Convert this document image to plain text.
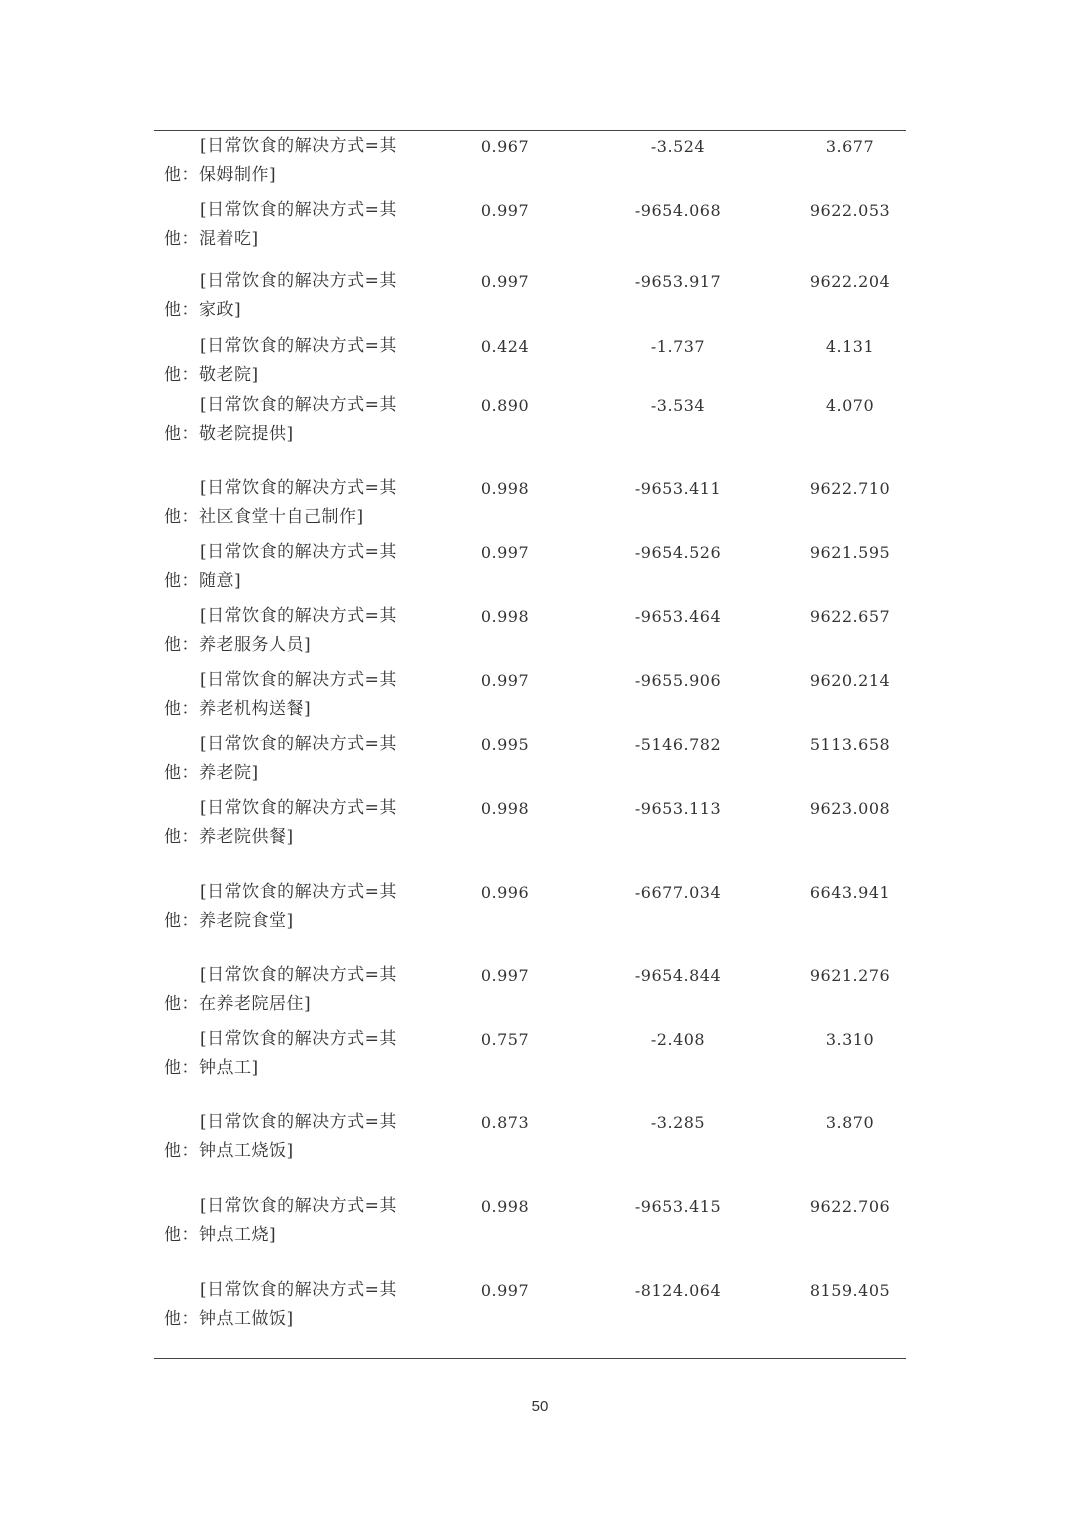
[日常饮食的解决方式=其
他：保姆制作]
0.967	-3.524	3.677
[日常饮食的解决方式=其
他：混着吃]
0.997	-9654.068	9622.053
[日常饮食的解决方式=其
他：家政]
0.997	-9653.917	9622.204
[日常饮食的解决方式=其
他：敬老院]
0.424	-1.737	4.131
[日常饮食的解决方式=其
他：敬老院提供]
0.890	-3.534	4.070
[日常饮食的解决方式=其
他：社区食堂十自己制作]
0.998	-9653.411	9622.710
[日常饮食的解决方式=其
他：随意]
0.997	-9654.526	9621.595
[日常饮食的解决方式=其
他：养老服务人员]
0.998	-9653.464	9622.657
[日常饮食的解决方式=其
他：养老机构送餐]
0.997	-9655.906	9620.214
[日常饮食的解决方式=其
他：养老院]
0.995	-5146.782	5113.658
[日常饮食的解决方式=其
他：养老院供餐]
0.998	-9653.113	9623.008
[日常饮食的解决方式=其
他：养老院食堂]
0.996	-6677.034	6643.941
[日常饮食的解决方式=其
他：在养老院居住]
0.997	-9654.844	9621.276
[日常饮食的解决方式=其
他：钟点工]
0.757	-2.408	3.310
[日常饮食的解决方式=其
他：钟点工烧饭]
0.873	-3.285	3.870
[日常饮食的解决方式=其
他：钟点工烧]
0.998	-9653.415	9622.706
[日常饮食的解决方式=其
他：钟点工做饭]
0.997	-8124.064	8159.405
50
